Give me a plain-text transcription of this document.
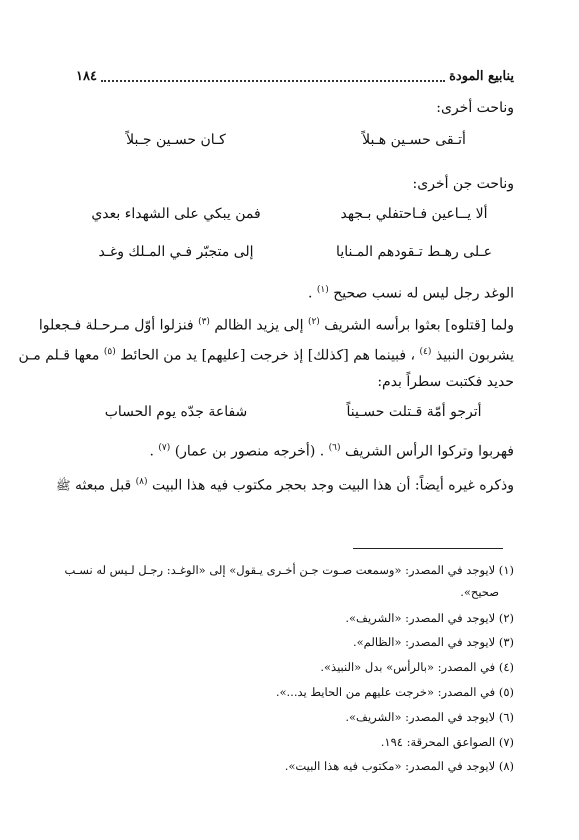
ينابيع المودة
١٨٤
وناحت أخرى:
أتـقى حسـين هـبلاً
كـان حسـين جـبلاً
وناحت جن أخرى:
ألا يــاعين فـاحتفلي بـجهد
فمن يبكي على الشهداء بعدي
عـلى رهـط تـقودهم المـنايا
إلى متجبّر فـي المـلك وغـد
الوغد رجل ليس له نسب صحيح $^{(١)}$ .
ولما [قتلوه] بعثوا برأسه الشريف $^{(٢)}$ إلى يزيد الظالم $^{(٣)}$ فنزلوا أوّل مـرحـلة فـجعلوا
يشربون النبيذ $^{(٤)}$ ، فبينما هم [كذلك] إذ خرجت [عليهم] يد من الحائط $^{(٥)}$ معها قـلم مـن
حديد فكتبت سطراً بدم:
أترجو أمّة قـتلت حسـيناً
شفاعة جدّه يوم الحساب
فهربوا وتركوا الرأس الشريف $^{(٦)}$ . (أخرجه منصور بن عمار) $^{(٧)}$ .
وذكره غيره أيضاً: أن هذا البيت وجد بحجر مكتوب فيه هذا البيت $^{(٨)}$ قبل مبعثه ﷺ
(١) لايوجد في المصدر: «وسمعت صـوت جـن أخـرى يـقول» إلى «الوغـد: رجـل لـيس له نسـب
صحيح».
(٢) لايوجد في المصدر: «الشريف».
(٣) لايوجد في المصدر: «الظالم».
(٤) في المصدر: «بالرأس» بدل «النبيذ».
(٥) في المصدر: «خرجت عليهم من الحايط يد...».
(٦) لايوجد في المصدر: «الشريف».
(٧) الصواعق المحرقة: ١٩٤.
(٨) لايوجد في المصدر: «مكتوب فيه هذا البيت».
